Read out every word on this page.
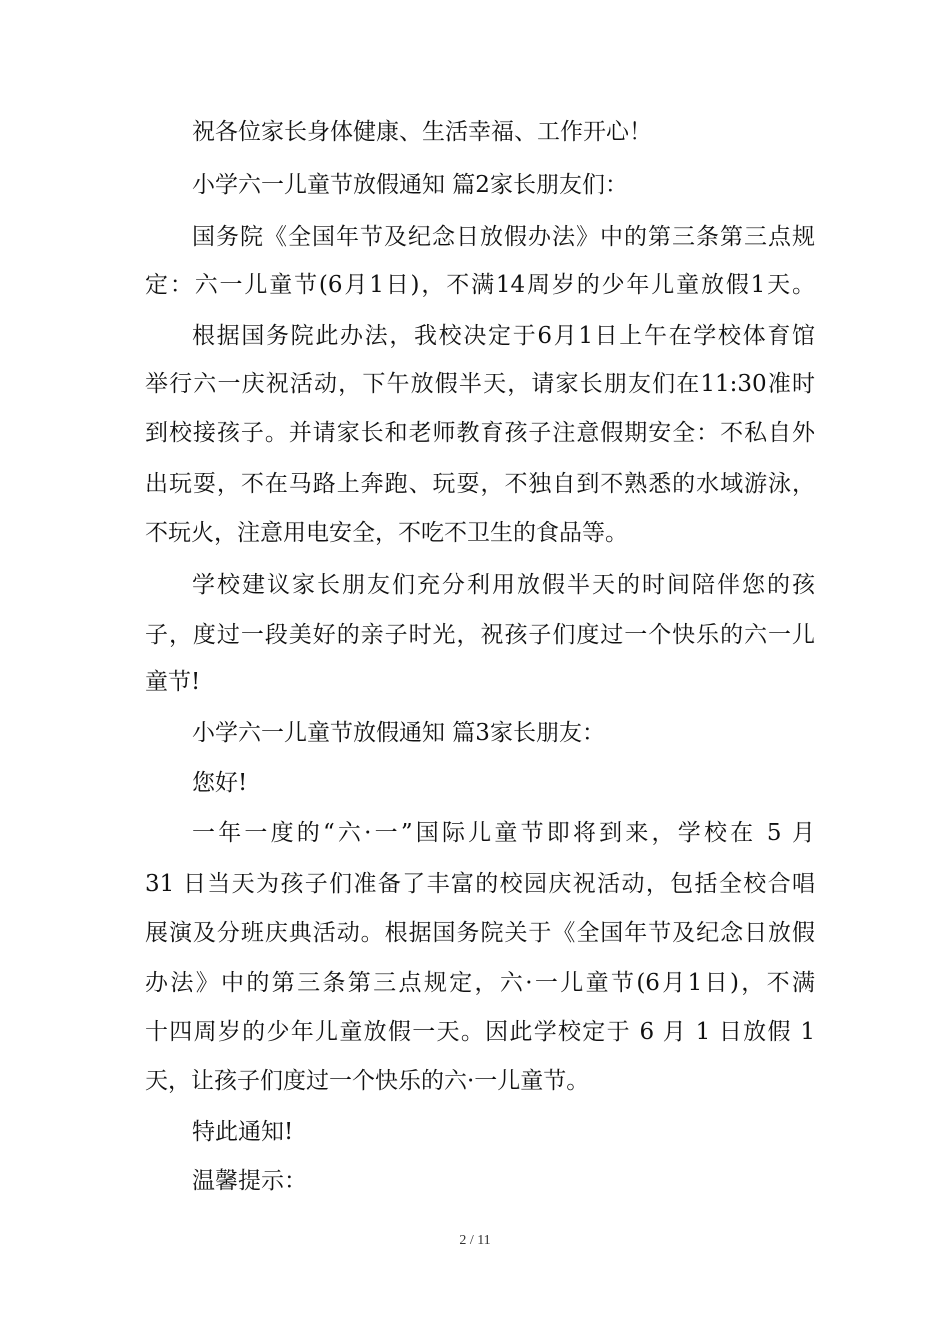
祝各位家长身体健康、生活幸福、工作开心！
小学六一儿童节放假通知 篇2家长朋友们：
国务院《全国年节及纪念日放假办法》中的第三条第三点规
定：六一儿童节(6月1日)，不满14周岁的少年儿童放假1天。
根据国务院此办法，我校决定于6月1日上午在学校体育馆
举行六一庆祝活动，下午放假半天，请家长朋友们在11:30准时
到校接孩子。并请家长和老师教育孩子注意假期安全：不私自外
出玩耍，不在马路上奔跑、玩耍，不独自到不熟悉的水域游泳，
不玩火，注意用电安全，不吃不卫生的食品等。
学校建议家长朋友们充分利用放假半天的时间陪伴您的孩
子，度过一段美好的亲子时光，祝孩子们度过一个快乐的六一儿
童节!
小学六一儿童节放假通知 篇3家长朋友：
您好!
一年一度的“六·一”国际儿童节即将到来，学校在 5 月
31 日当天为孩子们准备了丰富的校园庆祝活动，包括全校合唱
展演及分班庆典活动。根据国务院关于《全国年节及纪念日放假
办法》中的第三条第三点规定，六·一儿童节(6月1日)，不满
十四周岁的少年儿童放假一天。因此学校定于 6 月 1 日放假 1
天，让孩子们度过一个快乐的六·一儿童节。
特此通知!
温馨提示：
2 / 11
